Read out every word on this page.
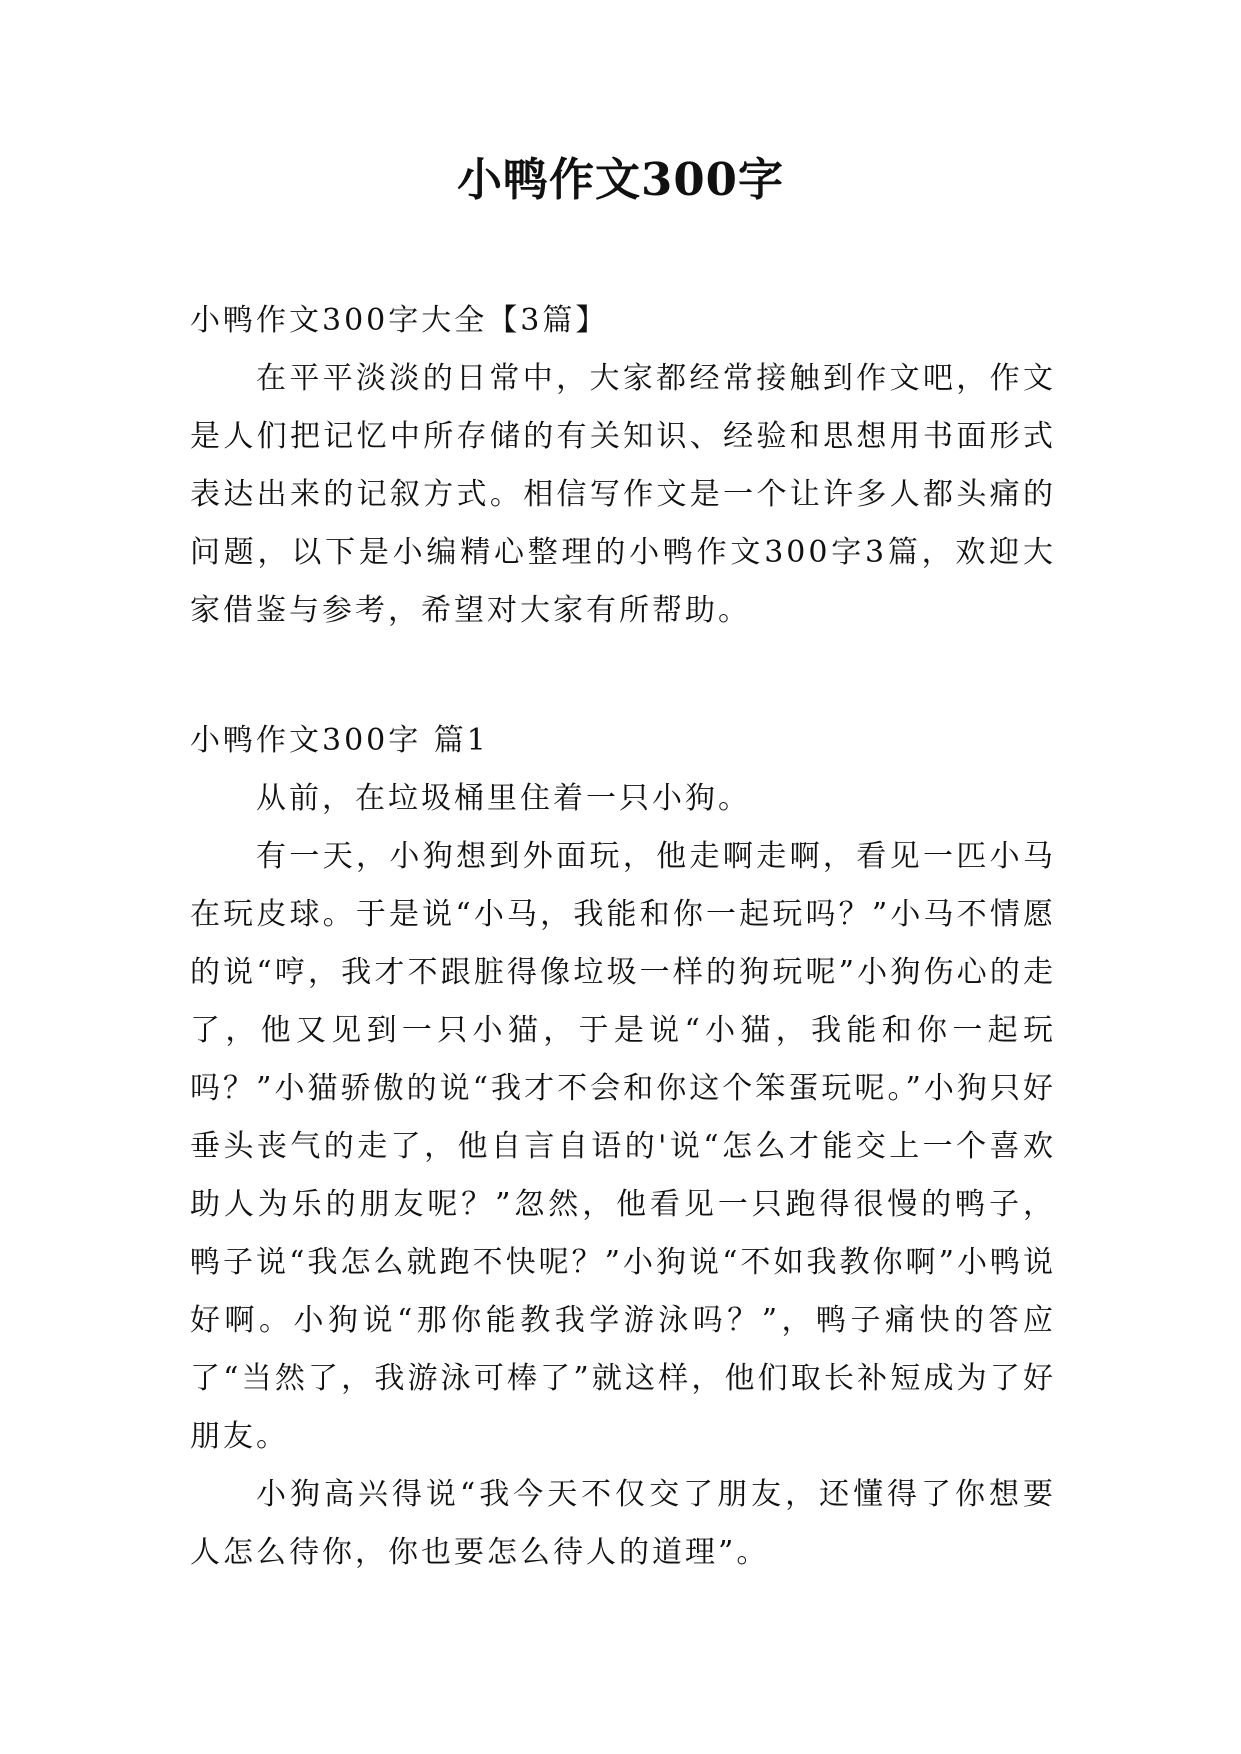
小鸭作文300字
小鸭作文300字大全【3篇】

在平平淡淡的日常中，大家都经常接触到作文吧，作文是人们把记忆中所存储的有关知识、经验和思想用书面形式表达出来的记叙方式。相信写作文是一个让许多人都头痛的问题，以下是小编精心整理的小鸭作文300字3篇，欢迎大家借鉴与参考，希望对大家有所帮助。

小鸭作文300字 篇1

从前，在垃圾桶里住着一只小狗。

有一天，小狗想到外面玩，他走啊走啊，看见一匹小马在玩皮球。于是说“小马，我能和你一起玩吗？”小马不情愿的说“哼，我才不跟脏得像垃圾一样的狗玩呢”小狗伤心的走了，他又见到一只小猫，于是说“小猫，我能和你一起玩吗？”小猫骄傲的说“我才不会和你这个笨蛋玩呢。”小狗只好垂头丧气的走了，他自言自语的'说“怎么才能交上一个喜欢助人为乐的朋友呢？”忽然，他看见一只跑得很慢的鸭子，鸭子说“我怎么就跑不快呢？”小狗说“不如我教你啊”小鸭说好啊。小狗说“那你能教我学游泳吗？”，鸭子痛快的答应了“当然了，我游泳可棒了”就这样，他们取长补短成为了好朋友。

小狗高兴得说“我今天不仅交了朋友，还懂得了你想要人怎么待你，你也要怎么待人的道理”。
